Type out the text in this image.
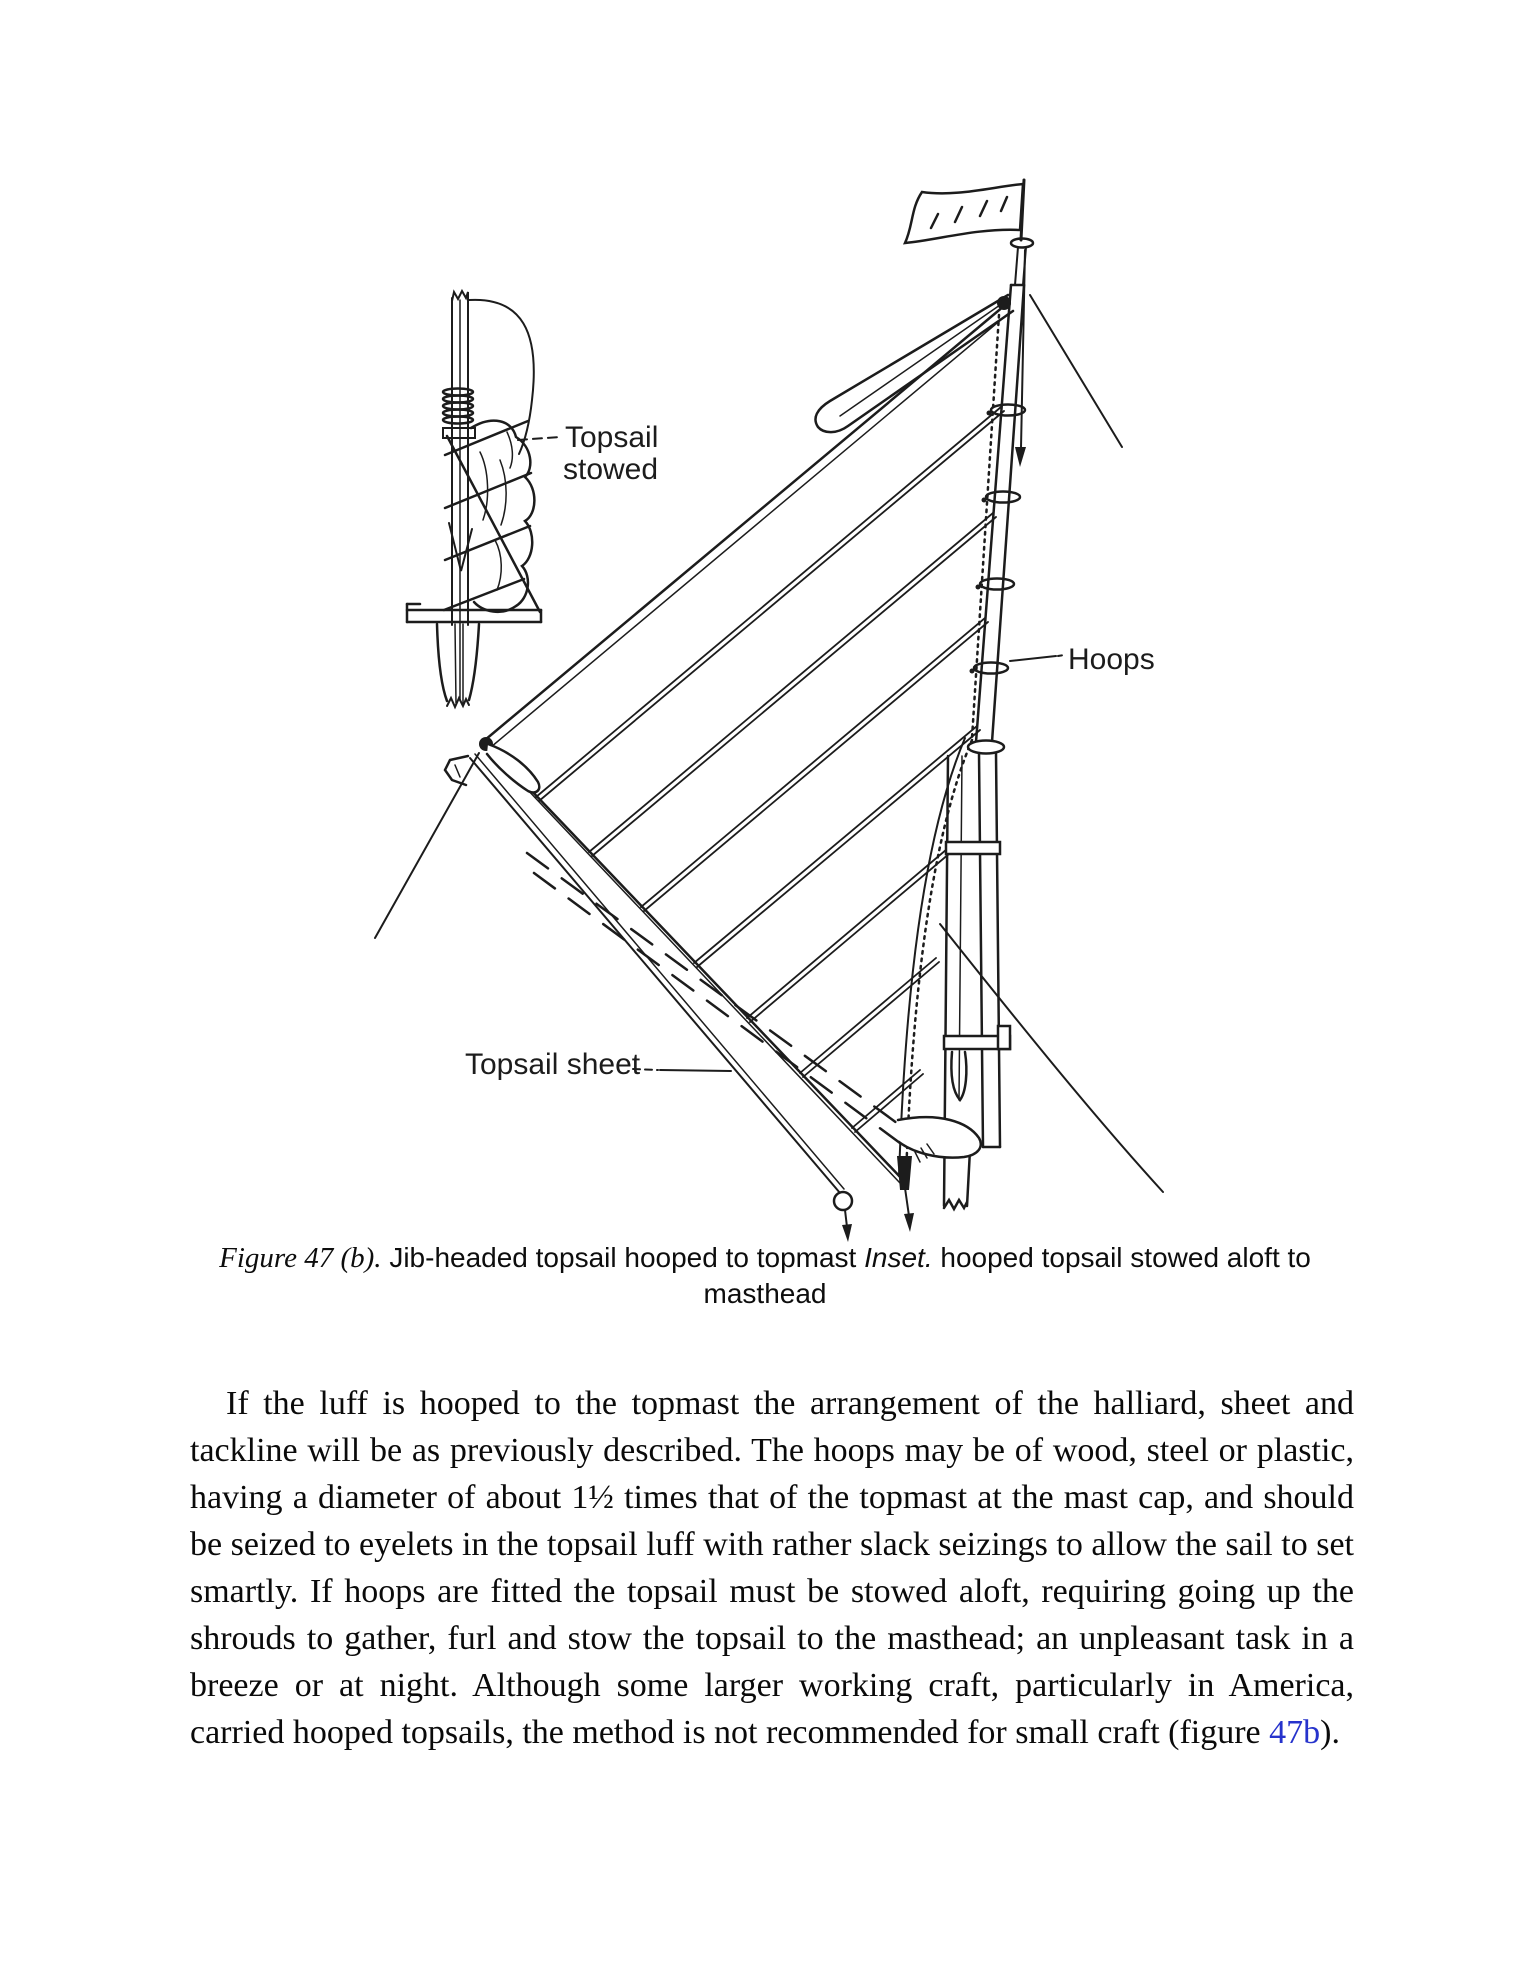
Topsail
stowed
Hoops
Topsail sheet
Figure 47 (b). Jib-headed topsail hooped to topmast Inset. hooped topsail stowed aloft to masthead

If the luff is hooped to the topmast the arrangement of the halliard, sheet and tackline will be as previously described. The hoops may be of wood, steel or plastic, having a diameter of about 1½ times that of the topmast at the mast cap, and should be seized to eyelets in the topsail luff with rather slack seizings to allow the sail to set smartly. If hoops are fitted the topsail must be stowed aloft, requiring going up the shrouds to gather, furl and stow the topsail to the masthead; an unpleasant task in a breeze or at night. Although some larger working craft, particularly in America, carried hooped topsails, the method is not recommended for small craft (figure 47b).
